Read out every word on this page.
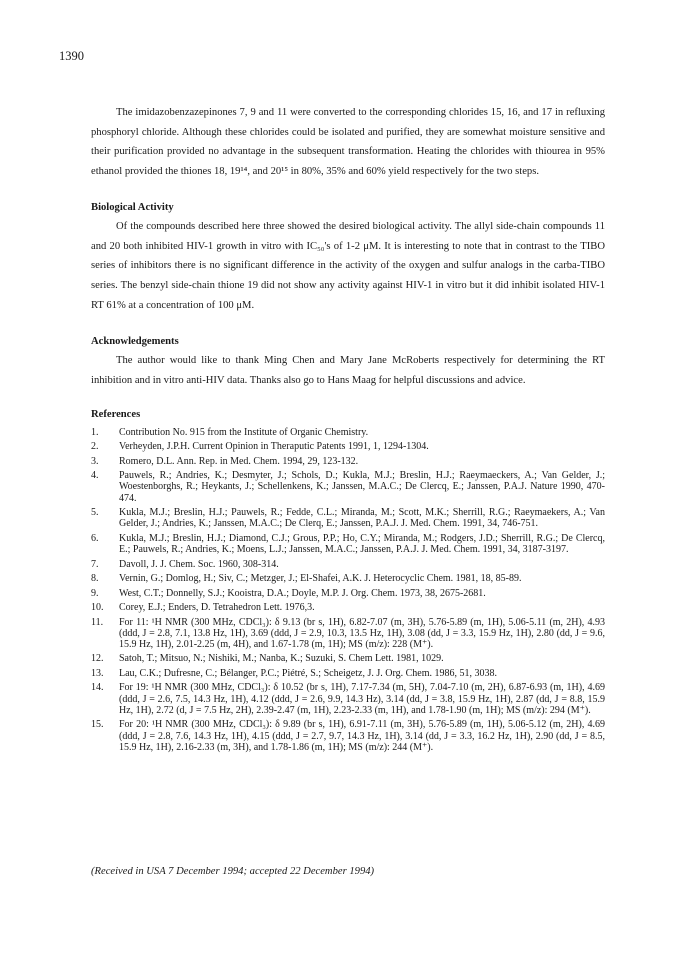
1390

The imidazobenzazepinones 7, 9 and 11 were converted to the corresponding chlorides 15, 16, and 17 in refluxing phosphoryl chloride. Although these chlorides could be isolated and purified, they are somewhat moisture sensitive and their purification provided no advantage in the subsequent transformation. Heating the chlorides with thiourea in 95% ethanol provided the thiones 18, 19¹⁴, and 20¹⁵ in 80%, 35% and 60% yield respectively for the two steps.

Biological Activity

Of the compounds described here three showed the desired biological activity. The allyl side-chain compounds 11 and 20 both inhibited HIV-1 growth in vitro with IC₅₀'s of 1-2 μM. It is interesting to note that in contrast to the TIBO series of inhibitors there is no significant difference in the activity of the oxygen and sulfur analogs in the carba-TIBO series. The benzyl side-chain thione 19 did not show any activity against HIV-1 in vitro but it did inhibit isolated HIV-1 RT 61% at a concentration of 100 μM.

Acknowledgements

The author would like to thank Ming Chen and Mary Jane McRoberts respectively for determining the RT inhibition and in vitro anti-HIV data. Thanks also go to Hans Maag for helpful discussions and advice.

References
1.	Contribution No. 915 from the Institute of Organic Chemistry.
2.	Verheyden, J.P.H. Current Opinion in Theraputic Patents 1991, 1, 1294-1304.
3.	Romero, D.L. Ann. Rep. in Med. Chem. 1994, 29, 123-132.
4.	Pauwels, R.; Andries, K.; Desmyter, J.; Schols, D.; Kukla, M.J.; Breslin, H.J.; Raeymaeckers, A.; Van Gelder, J.; Woestenborghs, R.; Heykants, J.; Schellenkens, K.; Janssen, M.A.C.; De Clercq, E.; Janssen, P.A.J. Nature 1990, 470-474.
5.	Kukla, M.J.; Breslin, H.J.; Pauwels, R.; Fedde, C.L.; Miranda, M.; Scott, M.K.; Sherrill, R.G.; Raeymaekers, A.; Van Gelder, J.; Andries, K.; Janssen, M.A.C.; De Clerq, E.; Janssen, P.A.J. J. Med. Chem. 1991, 34, 746-751.
6.	Kukla, M.J.; Breslin, H.J.; Diamond, C.J.; Grous, P.P.; Ho, C.Y.; Miranda, M.; Rodgers, J.D.; Sherrill, R.G.; De Clercq, E.; Pauwels, R.; Andries, K.; Moens, L.J.; Janssen, M.A.C.; Janssen, P.A.J. J. Med. Chem. 1991, 34, 3187-3197.
7.	Davoll, J. J. Chem. Soc. 1960, 308-314.
8.	Vernin, G.; Domlog, H.; Siv, C.; Metzger, J.; El-Shafei, A.K. J. Heterocyclic Chem. 1981, 18, 85-89.
9.	West, C.T.; Donnelly, S.J.; Kooistra, D.A.; Doyle, M.P. J. Org. Chem. 1973, 38, 2675-2681.
10.	Corey, E.J.; Enders, D. Tetrahedron Lett. 1976,3.
11.	For 11: ¹H NMR (300 MHz, CDCl₃): δ 9.13 (br s, 1H), 6.82-7.07 (m, 3H), 5.76-5.89 (m, 1H), 5.06-5.11 (m, 2H), 4.93 (ddd, J = 2.8, 7.1, 13.8 Hz, 1H), 3.69 (ddd, J = 2.9, 10.3, 13.5 Hz, 1H), 3.08 (dd, J = 3.3, 15.9 Hz, 1H), 2.80 (dd, J = 9.6, 15.9 Hz, 1H), 2.01-2.25 (m, 4H), and 1.67-1.78 (m, 1H); MS (m/z): 228 (M⁺).
12.	Satoh, T.; Mitsuo, N.; Nishiki, M.; Nanba, K.; Suzuki, S. Chem Lett. 1981, 1029.
13.	Lau, C.K.; Dufresne, C.; Bélanger, P.C.; Piétré, S.; Scheigetz, J. J. Org. Chem. 1986, 51, 3038.
14.	For 19: ¹H NMR (300 MHz, CDCl₃): δ 10.52 (br s, 1H), 7.17-7.34 (m, 5H), 7.04-7.10 (m, 2H), 6.87-6.93 (m, 1H), 4.69 (ddd, J = 2.6, 7.5, 14.3 Hz, 1H), 4.12 (ddd, J = 2.6, 9.9, 14.3 Hz), 3.14 (dd, J = 3.8, 15.9 Hz, 1H), 2.87 (dd, J = 8.8, 15.9 Hz, 1H), 2.72 (d, J = 7.5 Hz, 2H), 2.39-2.47 (m, 1H), 2.23-2.33 (m, 1H), and 1.78-1.90 (m, 1H); MS (m/z): 294 (M⁺).
15.	For 20: ¹H NMR (300 MHz, CDCl₃): δ 9.89 (br s, 1H), 6.91-7.11 (m, 3H), 5.76-5.89 (m, 1H), 5.06-5.12 (m, 2H), 4.69 (ddd, J = 2.8, 7.6, 14.3 Hz, 1H), 4.15 (ddd, J = 2.7, 9.7, 14.3 Hz, 1H), 3.14 (dd, J = 3.3, 16.2 Hz, 1H), 2.90 (dd, J = 8.5, 15.9 Hz, 1H), 2.16-2.33 (m, 3H), and 1.78-1.86 (m, 1H); MS (m/z): 244 (M⁺).
(Received in USA 7 December 1994; accepted 22 December 1994)
